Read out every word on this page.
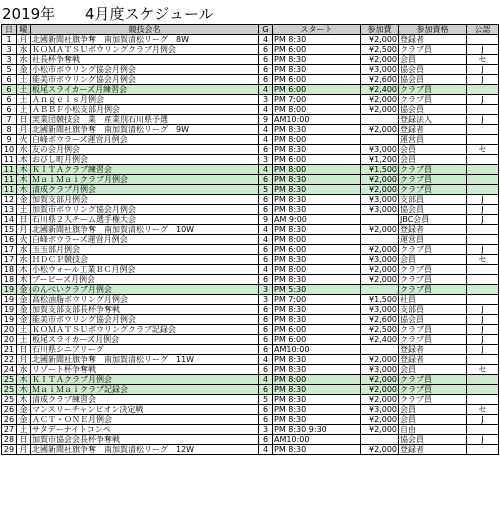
2019年 4月度スケジュール
日	曜	競技会名	G	スタート	参加費	参加資格	公認
1	月	北國新聞社旗争奪　南加賀清松リーグ　8W	4	PM 8:30	¥2,000	登録者	
3	水	ＫＯＭＡＴＳＵボウリングクラブ月例会	6	PM 6:00	¥2,500	クラブ員	J
3	水	社長杯争奪戦	6	PM 8:30	¥2,000	会員	セ
5	金	小松市ボウリング協会月例会	6	PM 8:30	¥3,000	協会員	J
6	土	能美市ボウリング協会月例会	6	PM 6:00	¥2,600	協会員	J
6	土	板尾スライカーズ月練習会	4	PM 6:00	¥2,400	クラブ員	
6	土	Ａｎｇｅｌｓ月例会	3	PM 7:00	¥2,000	クラブ員	J
6	土	ＡＢＢＦ小松支部月例会	4	PM 8:00	¥2,000	協会員	
7	日	実業団競技会　業　産業別石川県予選	9	AM10:00		登録法人	J
8	月	北國新聞社旗争奪　南加賀清松リーグ　9W	4	PM 8:30	¥2,000	登録者	
9	火	白峰ボウラーズ運営月例会	4	PM 8:00		運営員	
10	水	友の会月例会	6	PM 8:30	¥3,000	会員	セ
11	木	おびし町月例会	3	PM 6:00	¥1,200	会員	
11	木	ＫＩＴＡクラブ練習会	4	PM 8:00	¥1,500	クラブ員	
11	木	ＭａｉＭａｉクラブ月例会	6	PM 8:30	¥2,000	クラブ員	
11	木	清成クラブ月例会	5	PM 8:30	¥2,000	クラブ員	
12	金	加賀支部月例会	6	PM 8:30	¥3,000	支部員	J
13	土	加賀市ボウリング協会月例会	6	PM 8:30	¥3,000	協会員	J
14	日	石川県２人チーム選手権大会	9	AM 9:00		JBC会員	J
15	月	北國新聞社旗争奪　南加賀清松リーグ　10W	4	PM 8:30	¥2,000	登録者	
16	火	白峰ボウラーズ運営月例会	4	PM 8:00		運営員	
17	水	玉玉部月例会	6	PM 6:00	¥2,000	クラブ員	J
17	水	ＨＤＣＰ競技会	6	PM 8:30	¥3,000	会員	セ
18	木	小松ウォール工業ＢＣ月例会	4	PM 8:00	¥2,000	クラブ員	
18	木	ブーピーズ月例会	6	PM 8:30	¥2,000	クラブ員	
19	金	のんべいクラブ月例会	3	PM 5:30		クラブ員	
19	金	高松油脂ボウリング月例会	3	PM 7:00	¥1,500	社員	
19	金	加賀支部支部長杯争奪戦	6	PM 8:30	¥3,000	支部員	J
19	金	能美市ボウリング協会月例会	6	PM 8:30	¥2,600	協会員	J
20	土	ＫＯＭＡＴＳＵボウリングクラブ記録会	6	PM 6:00	¥2,500	クラブ員	J
20	土	板尾スライカーズ月例会	6	PM 6:00	¥2,400	クラブ員	J
21	日	石川県シニアリーグ	6	AM10:00		登録者	J
22	月	北國新聞社旗争奪　南加賀清松リーグ　11W	4	PM 8:30	¥2,000	登録者	
24	水	リゾート杯争奪戦	6	PM 8:30	¥3,000	会員	セ
25	木	ＫＩＴＡクラブ月例会	4	PM 8:00	¥2,000	クラブ員	
25	木	ＭａｉＭａｉクラブ記録会	6	PM 8:30	¥2,000	クラブ員	
25	木	清成クラブ練習会	5	PM 8:30	¥2,000	クラブ員	
26	金	マンスリーチャンピオン決定戦	6	PM 8:30	¥3,000	会員	セ
26	金	ＡＣＴ・ＯＮＥ月例会	6	PM 8:30	¥2,000	会員	J
27	土	サタデーナイトコンペ	3	PM 8:30 9:30	¥2,000	自由	
28	日	加賀市協会会長杯争奪戦	6	AM10:00		協会員	J
29	月	北國新聞社旗争奪　南加賀清松リーグ　12W	4	PM 8:30	¥2,000	登録者	
